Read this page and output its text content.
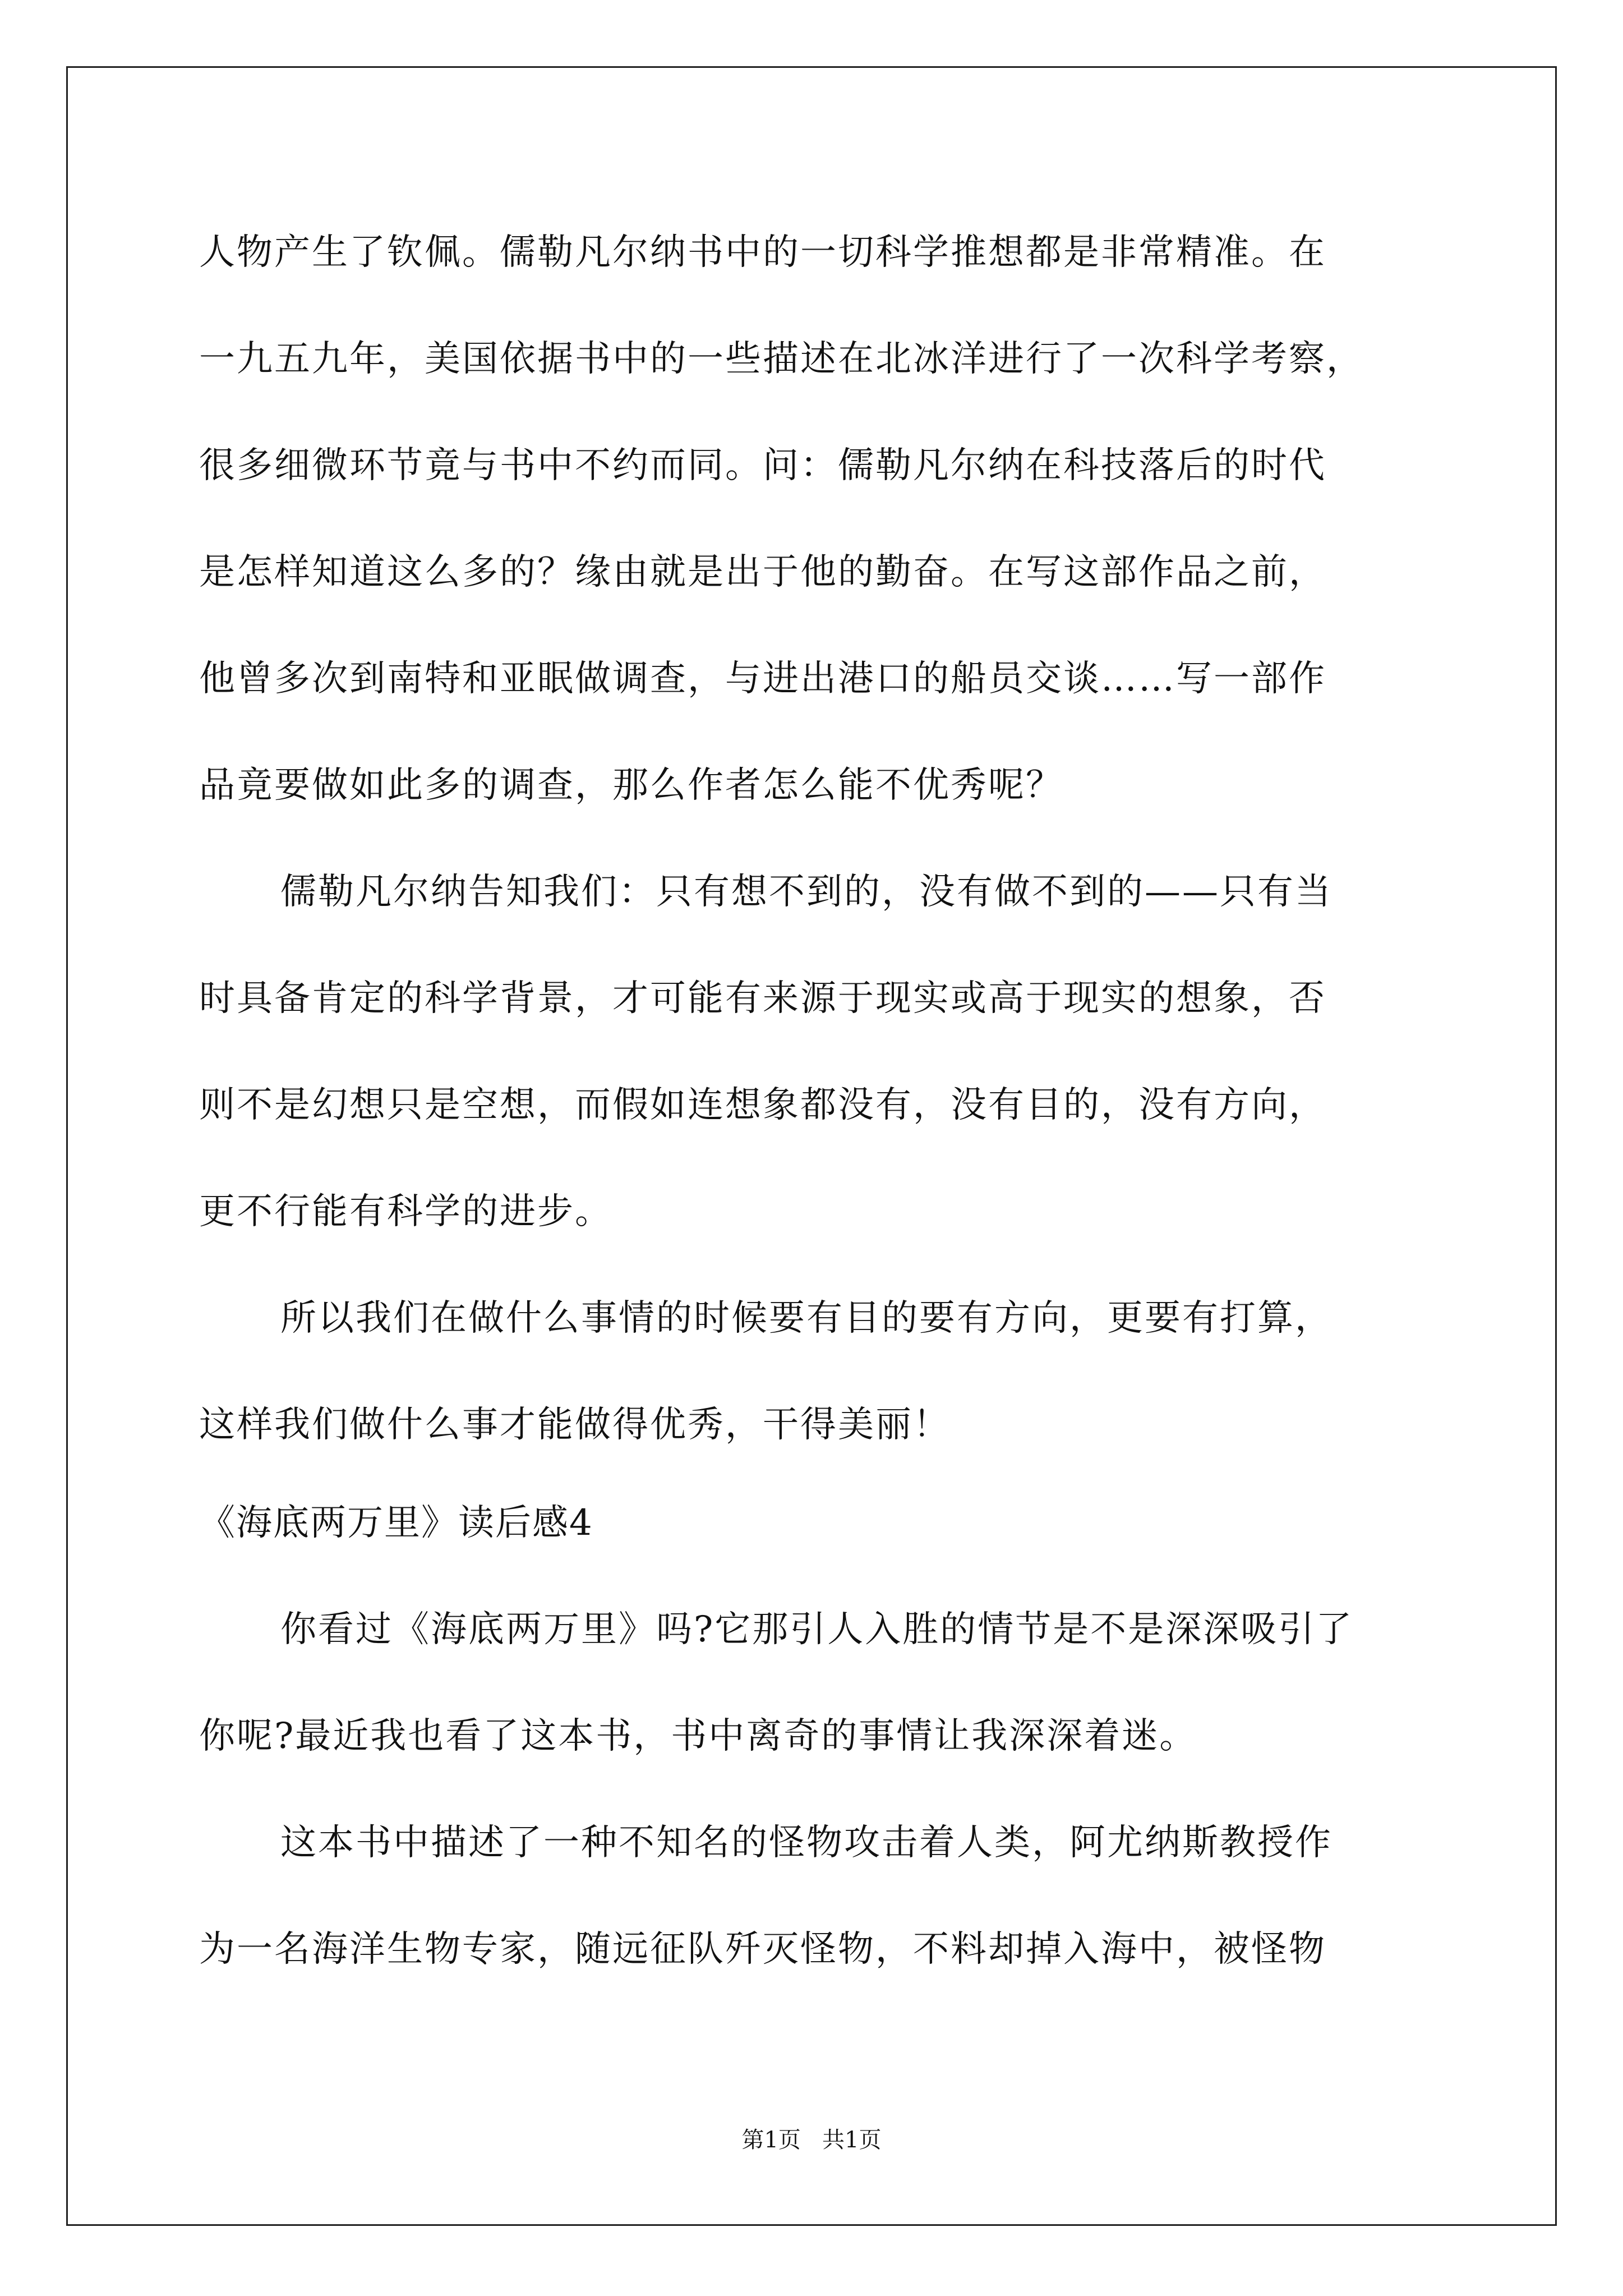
人物产生了钦佩。儒勒凡尔纳书中的一切科学推想都是非常精准。在
一九五九年，美国依据书中的一些描述在北冰洋进行了一次科学考察，
很多细微环节竟与书中不约而同。问：儒勒凡尔纳在科技落后的时代
是怎样知道这么多的？缘由就是出于他的勤奋。在写这部作品之前，
他曾多次到南特和亚眠做调查，与进出港口的船员交谈……写一部作
品竟要做如此多的调查，那么作者怎么能不优秀呢？
儒勒凡尔纳告知我们：只有想不到的，没有做不到的——只有当
时具备肯定的科学背景，才可能有来源于现实或高于现实的想象，否
则不是幻想只是空想，而假如连想象都没有，没有目的，没有方向，
更不行能有科学的进步。
所以我们在做什么事情的时候要有目的要有方向，更要有打算，
这样我们做什么事才能做得优秀，干得美丽！
《海底两万里》读后感4
你看过《海底两万里》吗?它那引人入胜的情节是不是深深吸引了
你呢?最近我也看了这本书，书中离奇的事情让我深深着迷。
这本书中描述了一种不知名的怪物攻击着人类，阿尤纳斯教授作
为一名海洋生物专家，随远征队歼灭怪物，不料却掉入海中，被怪物
第1页   共1页
